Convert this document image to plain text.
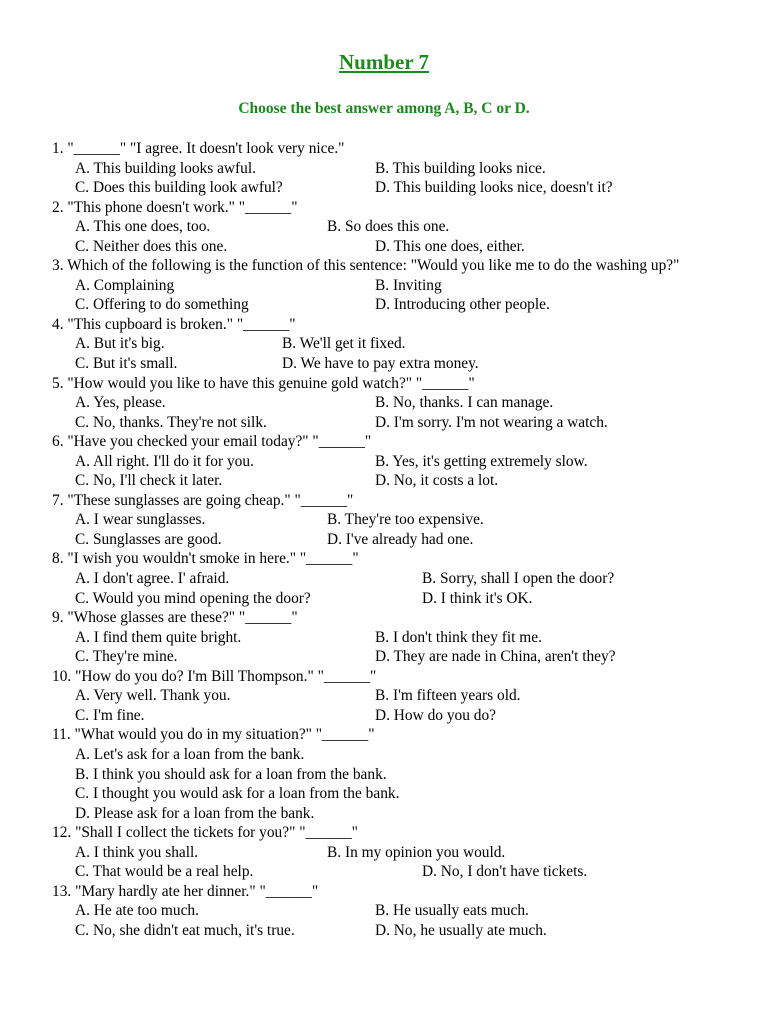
Number 7
Choose the best answer among A, B, C or D.
1. "______" "I agree. It doesn't look very nice."
A. This building looks awful.	B. This building looks nice.
C. Does this building look awful?	D. This building looks nice, doesn't it?
2. "This phone doesn't work." "______"
A. This one does, too.	B. So does this one.
C. Neither does this one.	D. This one does, either.
3. Which of the following is the function of this sentence: "Would you like me to do the washing up?"
A. Complaining	B. Inviting
C. Offering to do something	D. Introducing other people.
4. "This cupboard is broken." "______"
A. But it's big.	B. We'll get it fixed.
C. But it's small.	D. We have to pay extra money.
5. "How would you like to have this genuine gold watch?" "______"
A. Yes, please.	B. No, thanks. I can manage.
C. No, thanks. They're not silk.	D. I'm sorry. I'm not wearing a watch.
6. "Have you checked your email today?" "______"
A. All right. I'll do it for you.	B. Yes, it's getting extremely slow.
C. No, I'll check it later.	D. No, it costs a lot.
7. "These sunglasses are going cheap." "______"
A. I wear sunglasses.	B. They're too expensive.
C. Sunglasses are good.	D. I've already had one.
8. "I wish you wouldn't smoke in here." "______"
A. I don't agree. I' afraid.	B. Sorry, shall I open the door?
C. Would you mind opening the door?	D. I think it's OK.
9. "Whose glasses are these?" "______"
A. I find them quite bright.	B. I don't think they fit me.
C. They're mine.	D. They are nade in China, aren't they?
10. "How do you do? I'm Bill Thompson." "______"
A. Very well. Thank you.	B. I'm fifteen years old.
C. I'm fine.	D. How do you do?
11. "What would you do in my situation?" "______"
A. Let's ask for a loan from the bank.
B. I think you should ask for a loan from the bank.
C. I thought you would ask for a loan from the bank.
D. Please ask for a loan from the bank.
12. "Shall I collect the tickets for you?" "______"
A. I think you shall.	B. In my opinion you would.
C. That would be a real help.	D. No, I don't have tickets.
13. "Mary hardly ate her dinner." "______"
A. He ate too much.	B. He usually eats much.
C. No, she didn't eat much, it's true.	D. No, he usually ate much.
